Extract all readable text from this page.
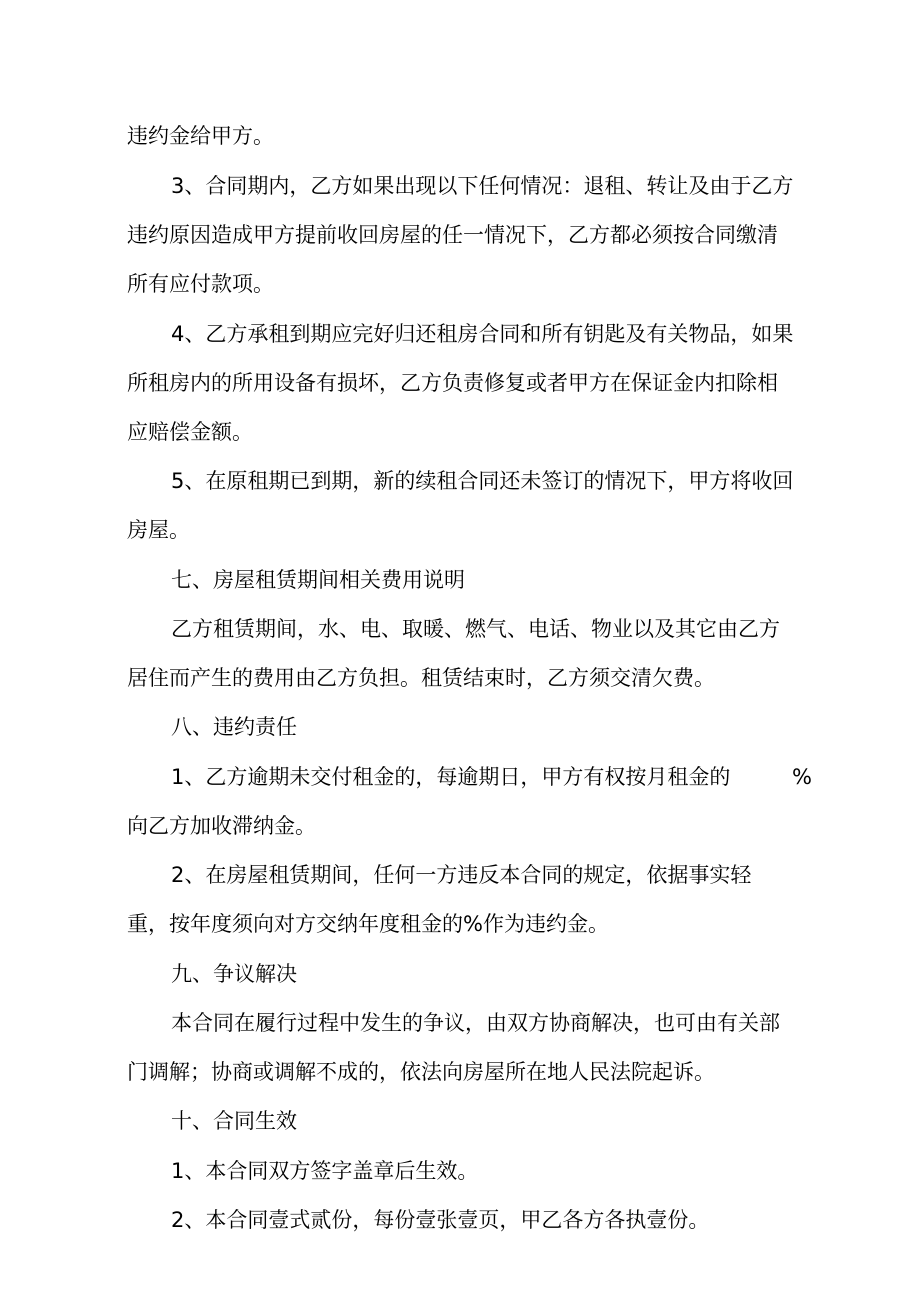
违约金给甲方。

3、合同期内，乙方如果出现以下任何情况：退租、转让及由于乙方

违约原因造成甲方提前收回房屋的任一情况下，乙方都必须按合同缴清

所有应付款项。

4、乙方承租到期应完好归还租房合同和所有钥匙及有关物品，如果

所租房内的所用设备有损坏，乙方负责修复或者甲方在保证金内扣除相

应赔偿金额。

5、在原租期已到期，新的续租合同还未签订的情况下，甲方将收回

房屋。

七、房屋租赁期间相关费用说明

乙方租赁期间，水、电、取暖、燃气、电话、物业以及其它由乙方

居住而产生的费用由乙方负担。租赁结束时，乙方须交清欠费。

八、违约责任

1、乙方逾期未交付租金的，每逾期日，甲方有权按月租金的	%

向乙方加收滞纳金。

2、在房屋租赁期间，任何一方违反本合同的规定，依据事实轻

重，按年度须向对方交纳年度租金的%作为违约金。

九、争议解决

本合同在履行过程中发生的争议，由双方协商解决，也可由有关部

门调解；协商或调解不成的，依法向房屋所在地人民法院起诉。

十、合同生效

1、本合同双方签字盖章后生效。

2、本合同壹式贰份，每份壹张壹页，甲乙各方各执壹份。
